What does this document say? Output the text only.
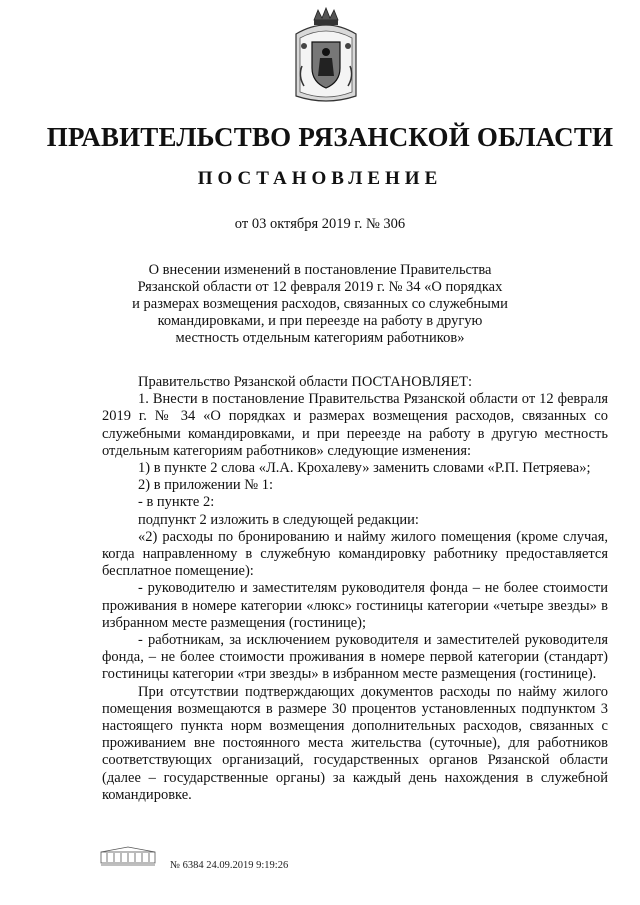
ПРАВИТЕЛЬСТВО РЯЗАНСКОЙ ОБЛАСТИ
ПОСТАНОВЛЕНИЕ
от 03 октября 2019 г. № 306
О внесении изменений в постановление Правительства
Рязанской области от 12 февраля 2019 г. № 34 «О порядках
и размерах возмещения расходов, связанных со служебными
командировками, и при переезде на работу в другую
местность отдельным категориям работников»

Правительство Рязанской области ПОСТАНОВЛЯЕТ:

1. Внести в постановление Правительства Рязанской области от 12 февраля 2019 г. № 34 «О порядках и размерах возмещения расходов, связанных со служебными командировками, и при переезде на работу в другую местность отдельным категориям работников» следующие изменения:

1) в пункте 2 слова «Л.А. Крохалеву» заменить словами «Р.П. Петряева»;

2) в приложении № 1:

- в пункте 2:

подпункт 2 изложить в следующей редакции:

«2) расходы по бронированию и найму жилого помещения (кроме случая, когда направленному в служебную командировку работнику предоставляется бесплатное помещение):

- руководителю и заместителям руководителя фонда – не более стоимости проживания в номере категории «люкс» гостиницы категории «четыре звезды» в избранном месте размещения (гостинице);

- работникам, за исключением руководителя и заместителей руководителя фонда, – не более стоимости проживания в номере первой категории (стандарт) гостиницы категории «три звезды» в избранном месте размещения (гостинице).

При отсутствии подтверждающих документов расходы по найму жилого помещения возмещаются в размере 30 процентов установленных подпунктом 3 настоящего пункта норм возмещения дополнительных расходов, связанных с проживанием вне постоянного места жительства (суточные), для работников соответствующих организаций, государственных органов Рязанской области (далее – государственные органы) за каждый день нахождения в служебной командировке.

№ 6384 24.09.2019 9:19:26
